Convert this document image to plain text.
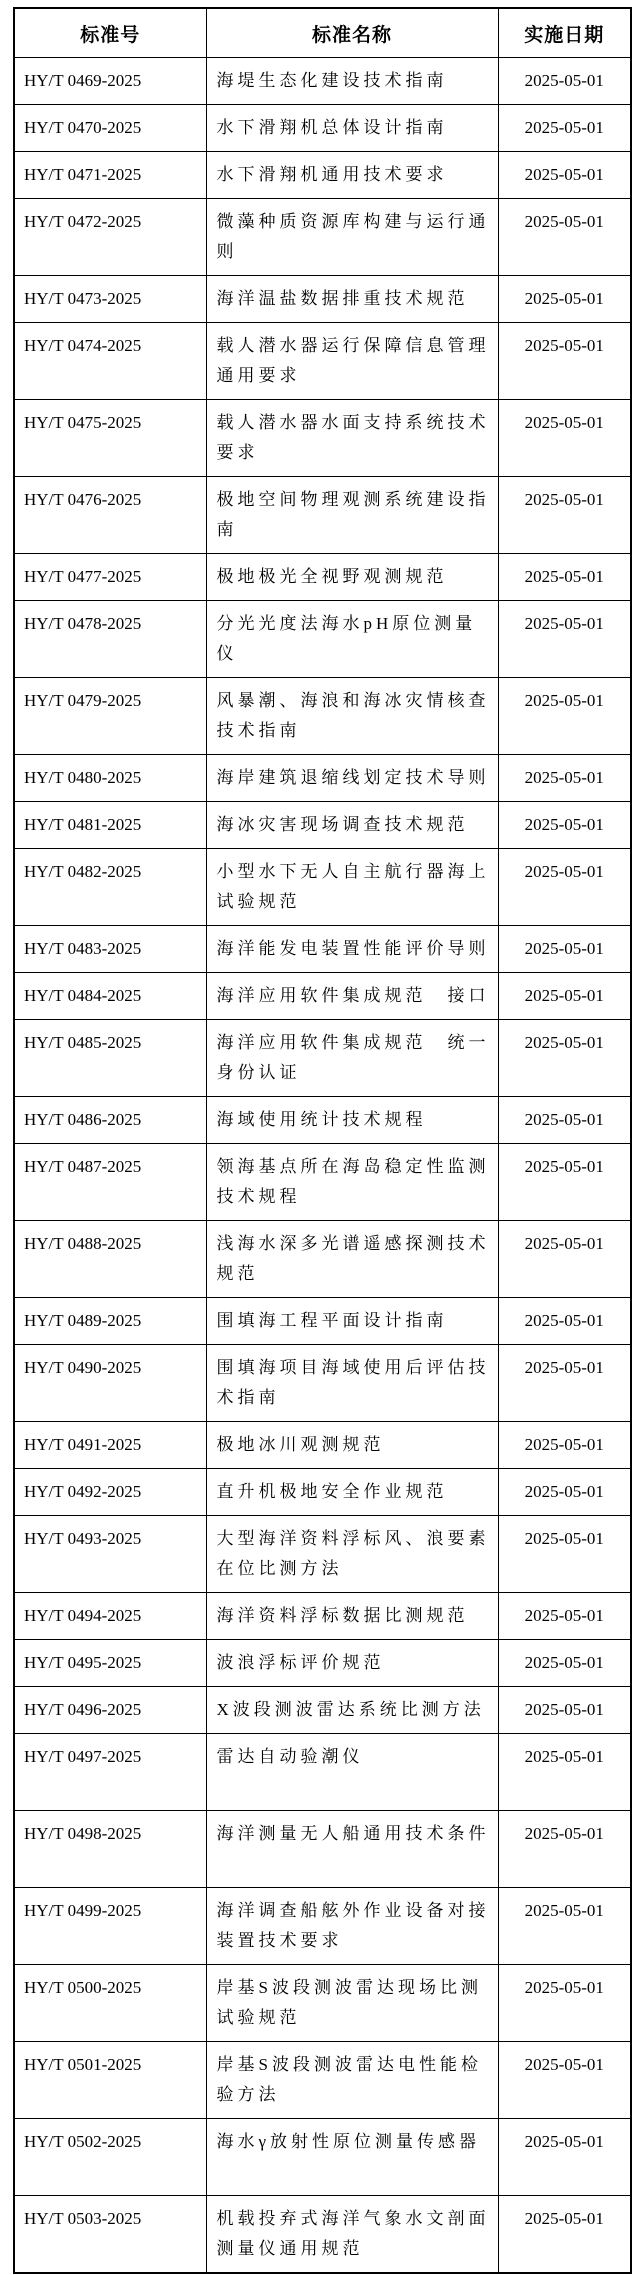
标准号	标准名称	实施日期
HY/T 0469-2025	海堤生态化建设技术指南	2025-05-01
HY/T 0470-2025	水下滑翔机总体设计指南	2025-05-01
HY/T 0471-2025	水下滑翔机通用技术要求	2025-05-01
HY/T 0472-2025	微藻种质资源库构建与运行通则	2025-05-01
HY/T 0473-2025	海洋温盐数据排重技术规范	2025-05-01
HY/T 0474-2025	载人潜水器运行保障信息管理通用要求	2025-05-01
HY/T 0475-2025	载人潜水器水面支持系统技术要求	2025-05-01
HY/T 0476-2025	极地空间物理观测系统建设指南	2025-05-01
HY/T 0477-2025	极地极光全视野观测规范	2025-05-01
HY/T 0478-2025	分光光度法海水pH原位测量仪	2025-05-01
HY/T 0479-2025	风暴潮、海浪和海冰灾情核查技术指南	2025-05-01
HY/T 0480-2025	海岸建筑退缩线划定技术导则	2025-05-01
HY/T 0481-2025	海冰灾害现场调查技术规范	2025-05-01
HY/T 0482-2025	小型水下无人自主航行器海上试验规范	2025-05-01
HY/T 0483-2025	海洋能发电装置性能评价导则	2025-05-01
HY/T 0484-2025	海洋应用软件集成规范　接口	2025-05-01
HY/T 0485-2025	海洋应用软件集成规范　统一身份认证	2025-05-01
HY/T 0486-2025	海域使用统计技术规程	2025-05-01
HY/T 0487-2025	领海基点所在海岛稳定性监测技术规程	2025-05-01
HY/T 0488-2025	浅海水深多光谱遥感探测技术规范	2025-05-01
HY/T 0489-2025	围填海工程平面设计指南	2025-05-01
HY/T 0490-2025	围填海项目海域使用后评估技术指南	2025-05-01
HY/T 0491-2025	极地冰川观测规范	2025-05-01
HY/T 0492-2025	直升机极地安全作业规范	2025-05-01
HY/T 0493-2025	大型海洋资料浮标风、浪要素在位比测方法	2025-05-01
HY/T 0494-2025	海洋资料浮标数据比测规范	2025-05-01
HY/T 0495-2025	波浪浮标评价规范	2025-05-01
HY/T 0496-2025	X波段测波雷达系统比测方法	2025-05-01
HY/T 0497-2025	雷达自动验潮仪	2025-05-01
HY/T 0498-2025	海洋测量无人船通用技术条件	2025-05-01
HY/T 0499-2025	海洋调查船舷外作业设备对接装置技术要求	2025-05-01
HY/T 0500-2025	岸基S波段测波雷达现场比测试验规范	2025-05-01
HY/T 0501-2025	岸基S波段测波雷达电性能检验方法	2025-05-01
HY/T 0502-2025	海水γ放射性原位测量传感器	2025-05-01
HY/T 0503-2025	机载投弃式海洋气象水文剖面测量仪通用规范	2025-05-01
